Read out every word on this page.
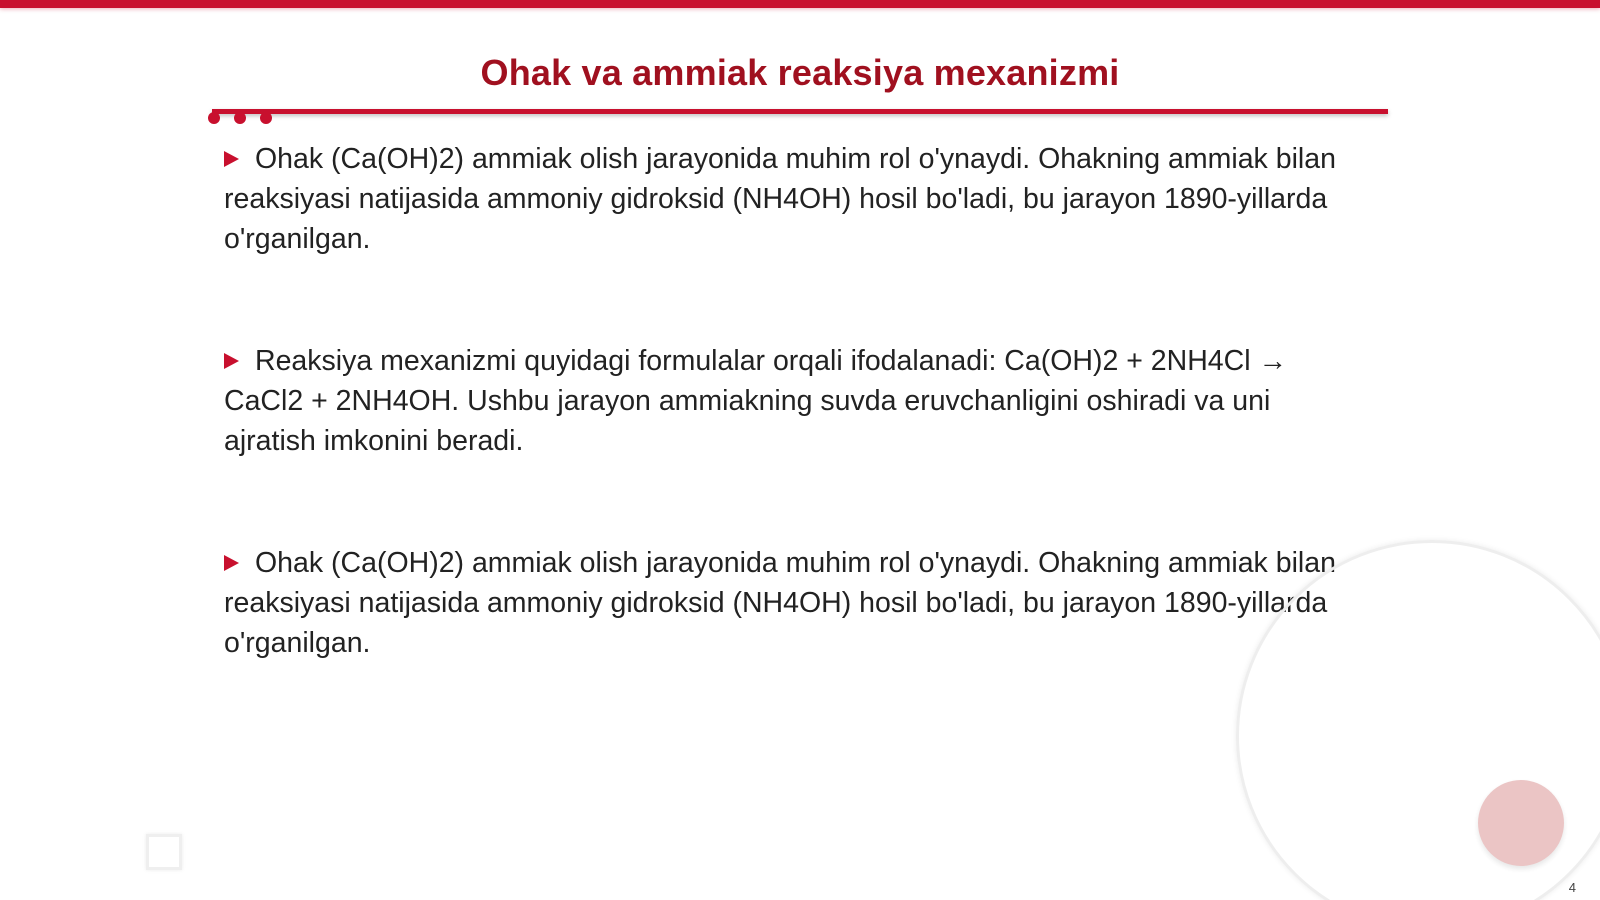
Ohak va ammiak reaksiya mexanizmi
Ohak (Ca(OH)2) ammiak olish jarayonida muhim rol o'ynaydi. Ohakning ammiak bilan reaksiyasi natijasida ammoniy gidroksid (NH4OH) hosil bo'ladi, bu jarayon 1890-yillarda o'rganilgan.
Reaksiya mexanizmi quyidagi formulalar orqali ifodalanadi: Ca(OH)2 + 2NH4Cl → CaCl2 + 2NH4OH. Ushbu jarayon ammiakning suvda eruvchanligini oshiradi va uni ajratish imkonini beradi.
Ohak (Ca(OH)2) ammiak olish jarayonida muhim rol o'ynaydi. Ohakning ammiak bilan reaksiyasi natijasida ammoniy gidroksid (NH4OH) hosil bo'ladi, bu jarayon 1890-yillarda o'rganilgan.
4
